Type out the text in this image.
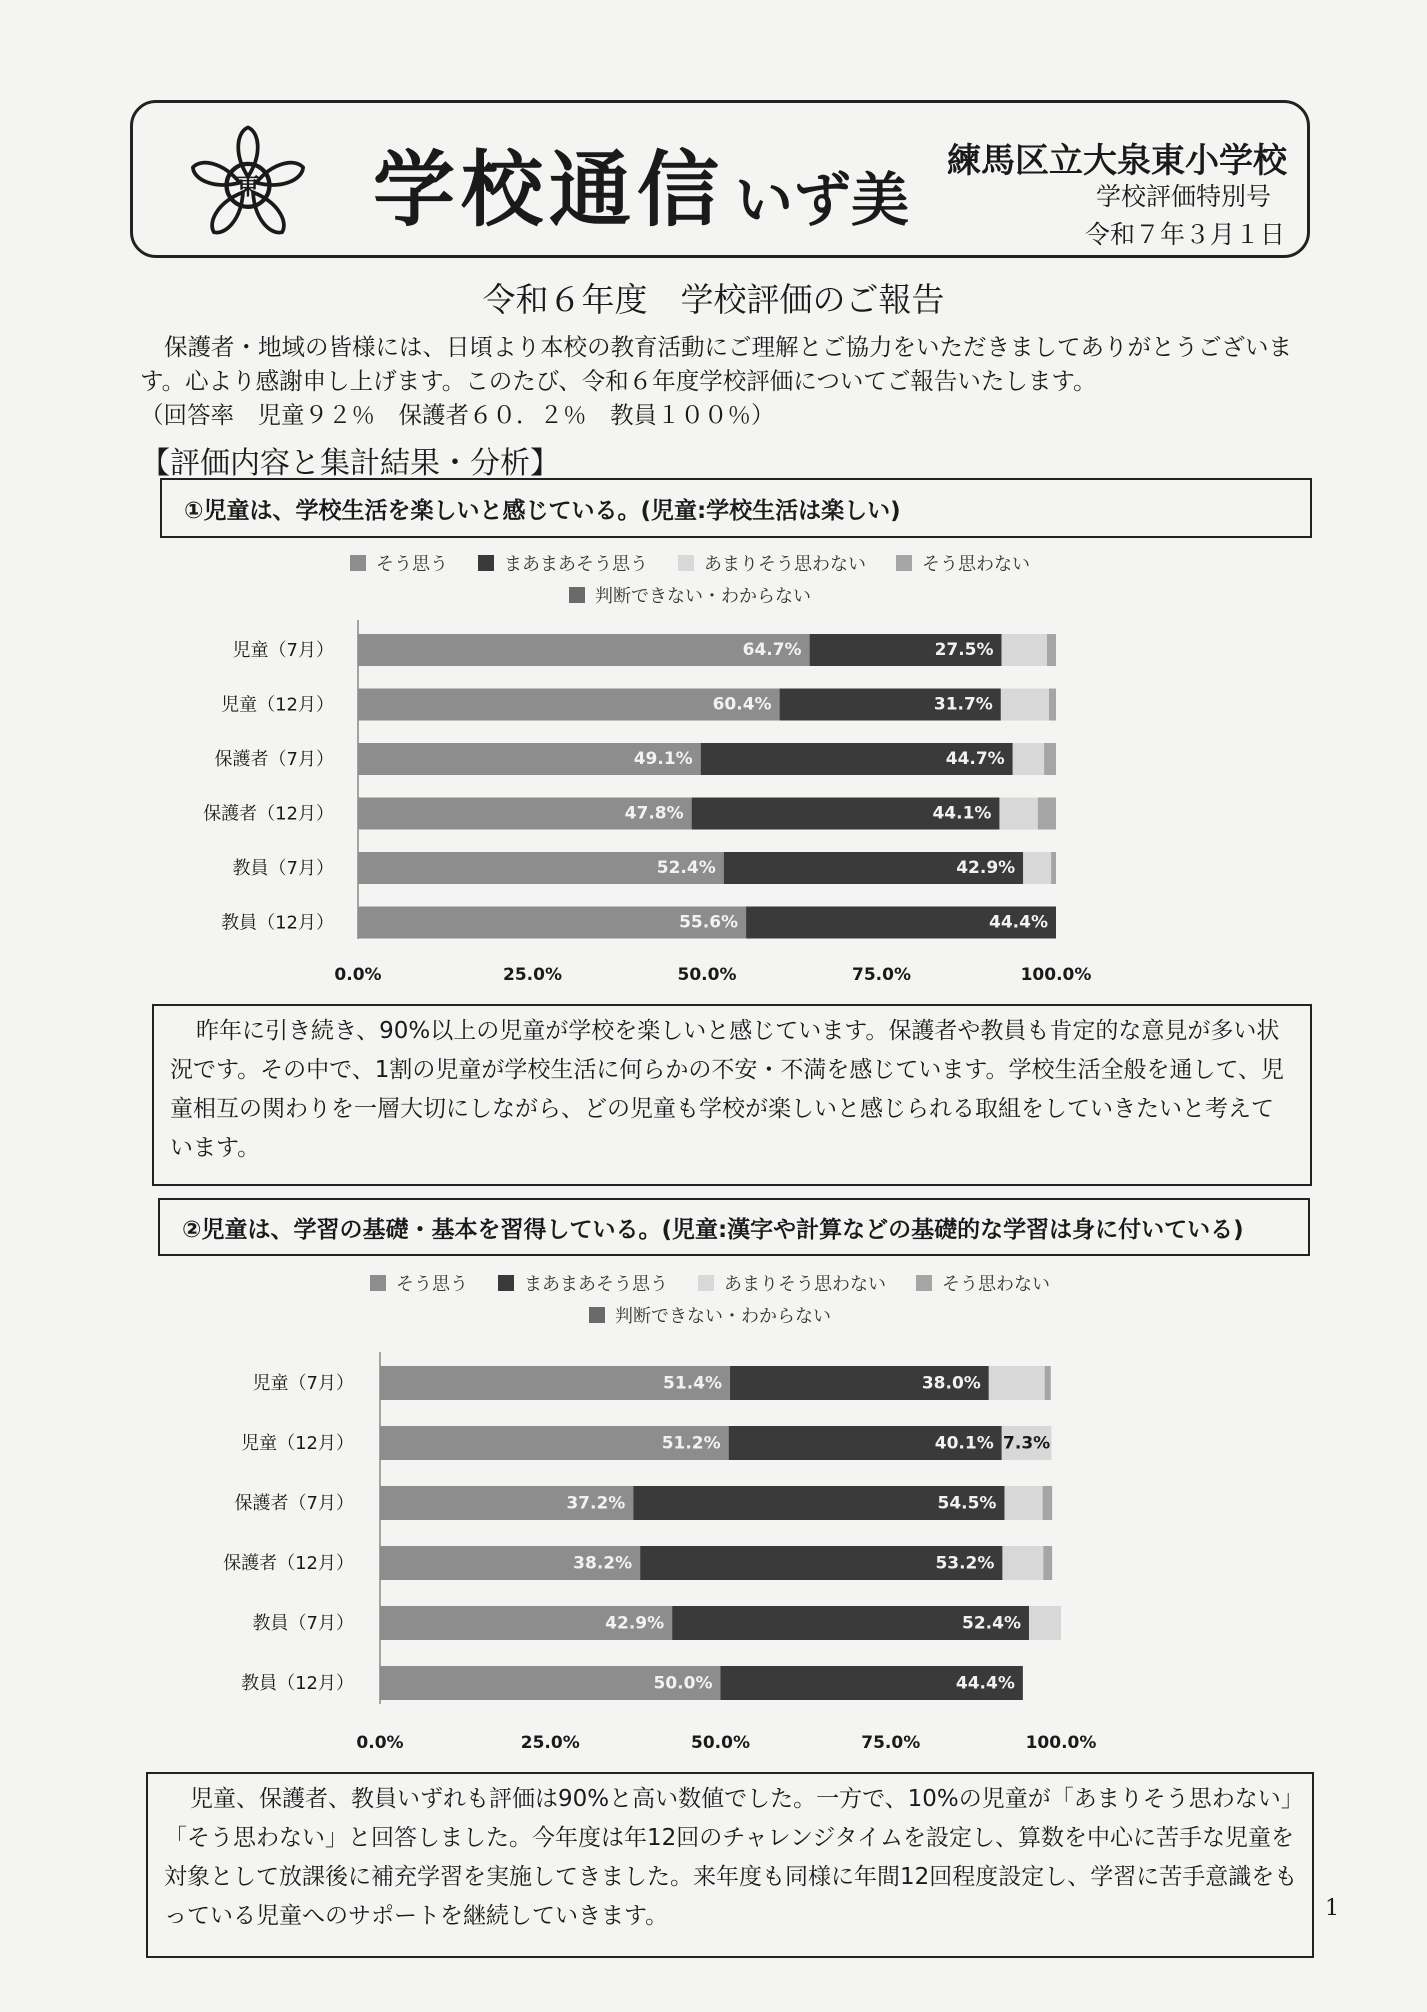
東 学校通信 いず美
練馬区立大泉東小学校
学校評価特別号
令和７年３月１日
令和６年度　学校評価のご報告

保護者・地域の皆様には、日頃より本校の教育活動にご理解とご協力をいただきましてありがとうございます。心より感謝申し上げます。このたび、令和６年度学校評価についてご報告いたします。

（回答率　児童９２％　保護者６０．２％　教員１００％）

【評価内容と集計結果・分析】
①児童は、学校生活を楽しいと感じている。(児童:学校生活は楽しい)
そう思う	まあまあそう思う	あまりそう思わない	そう思わない
判断できない・わからない
児童（7月）	64.7%	27.5%
児童（12月）	60.4%	31.7%
保護者（7月）	49.1%	44.7%
保護者（12月）	47.8%	44.1%
教員（7月）	52.4%	42.9%
教員（12月）	55.6%	44.4%
0.0%	25.0%	50.0%	75.0%	100.0%

昨年に引き続き、90%以上の児童が学校を楽しいと感じています。保護者や教員も肯定的な意見が多い状況です。その中で、1割の児童が学校生活に何らかの不安・不満を感じています。学校生活全般を通して、児童相互の関わりを一層大切にしながら、どの児童も学校が楽しいと感じられる取組をしていきたいと考えています。

②児童は、学習の基礎・基本を習得している。(児童:漢字や計算などの基礎的な学習は身に付いている)
そう思う	まあまあそう思う	あまりそう思わない	そう思わない
判断できない・わからない
児童（7月）	51.4%	38.0%
児童（12月）	51.2%	40.1% 7.3%
保護者（7月）	37.2%	54.5%
保護者（12月）	38.2%	53.2%
教員（7月）	42.9%	52.4%
教員（12月）	50.0%	44.4%
0.0%	25.0%	50.0%	75.0%	100.0%

児童、保護者、教員いずれも評価は90%と高い数値でした。一方で、10%の児童が「あまりそう思わない」「そう思わない」と回答しました。今年度は年12回のチャレンジタイムを設定し、算数を中心に苦手な児童を対象として放課後に補充学習を実施してきました。来年度も同様に年間12回程度設定し、学習に苦手意識をもっている児童へのサポートを継続していきます。	1
